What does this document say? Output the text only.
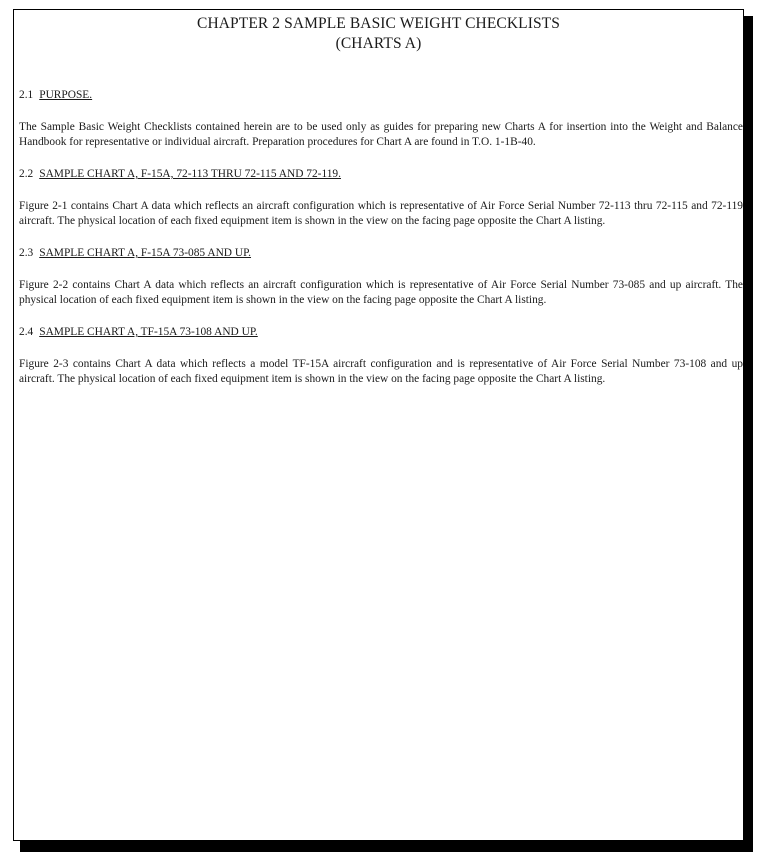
CHAPTER 2 SAMPLE BASIC WEIGHT CHECKLISTS
(CHARTS A)

2.1 PURPOSE.

The Sample Basic Weight Checklists contained herein are to be used only as guides for preparing new Charts A for insertion into the Weight and Balance Handbook for representative or individual aircraft. Preparation procedures for Chart A are found in T.O. 1-1B-40.

2.2 SAMPLE CHART A, F-15A, 72-113 THRU 72-115 AND 72-119.

Figure 2-1 contains Chart A data which reflects an aircraft configuration which is representative of Air Force Serial Number 72-113 thru 72-115 and 72-119 aircraft. The physical location of each fixed equipment item is shown in the view on the facing page opposite the Chart A listing.

2.3 SAMPLE CHART A, F-15A 73-085 AND UP.

Figure 2-2 contains Chart A data which reflects an aircraft configuration which is representative of Air Force Serial Number 73-085 and up aircraft. The physical location of each fixed equipment item is shown in the view on the facing page opposite the Chart A listing.

2.4 SAMPLE CHART A, TF-15A 73-108 AND UP.

Figure 2-3 contains Chart A data which reflects a model TF-15A aircraft configuration and is representative of Air Force Serial Number 73-108 and up aircraft. The physical location of each fixed equipment item is shown in the view on the facing page opposite the Chart A listing.
